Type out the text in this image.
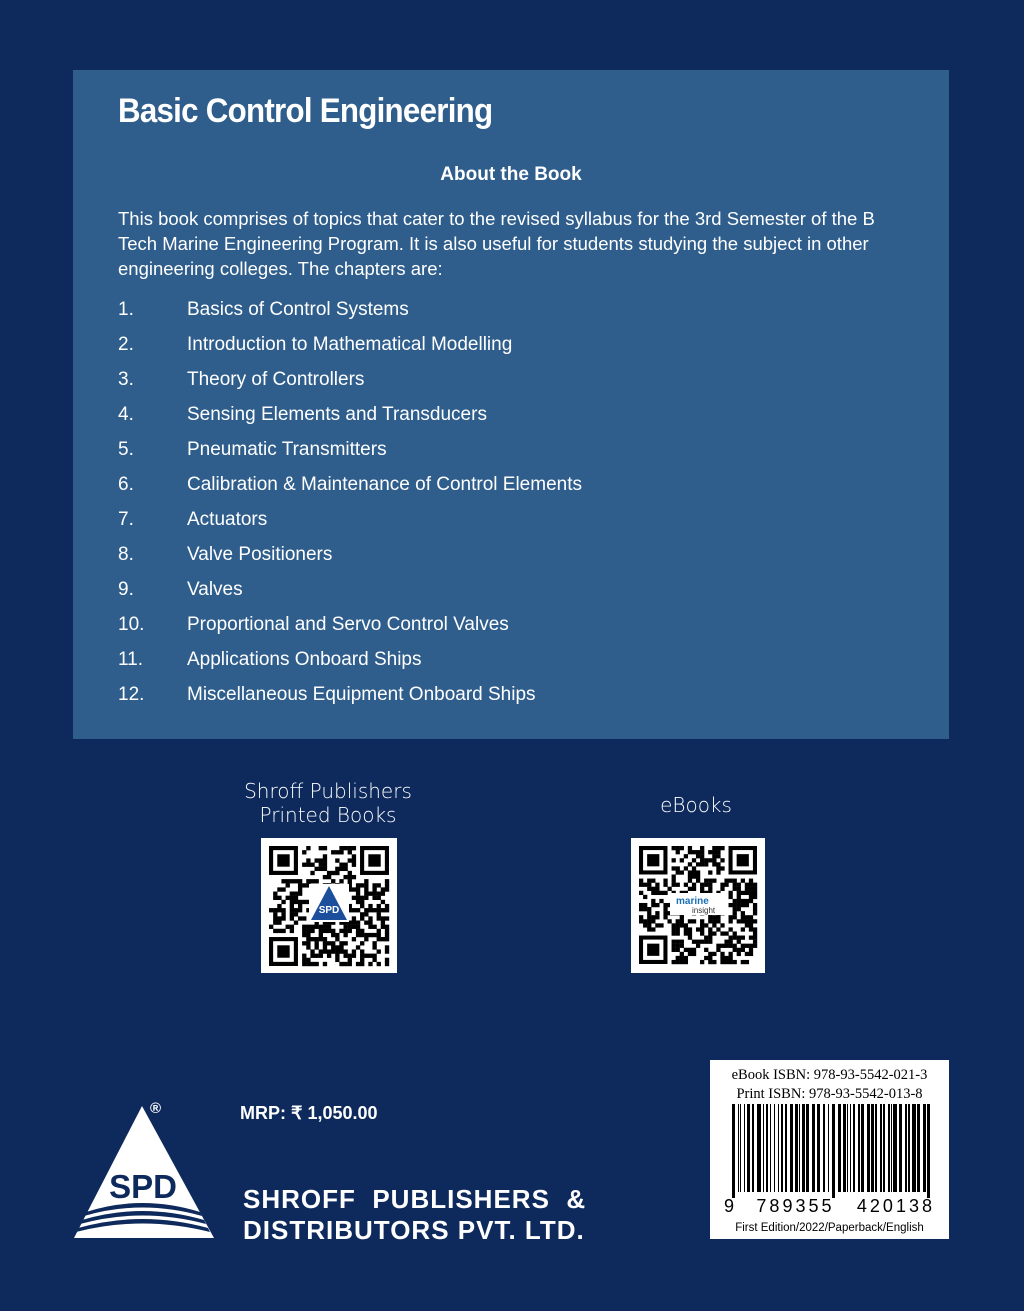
Basic Control Engineering
About the Book
This book comprises of topics that cater to the revised syllabus for the 3rd Semester of the B Tech Marine Engineering Program. It is also useful for students studying the subject in other engineering colleges. The chapters are:
1.	Basics of Control Systems
2.	Introduction to Mathematical Modelling
3.	Theory of Controllers
4.	Sensing Elements and Transducers
5.	Pneumatic Transmitters
6.	Calibration & Maintenance of Control Elements
7.	Actuators
8.	Valve Positioners
9.	Valves
10.	Proportional and Servo Control Valves
11.	Applications Onboard Ships
12.	Miscellaneous Equipment Onboard Ships
Shroff Publishers
Printed Books	eBooks
SPD
marine
insight
SPD
®	MRP: ₹ 1,050.00
SHROFF  PUBLISHERS  &
DISTRIBUTORS PVT. LTD.
eBook ISBN: 978-93-5542-021-3
Print ISBN: 978-93-5542-013-8
9 789355 420138
First Edition/2022/Paperback/English
